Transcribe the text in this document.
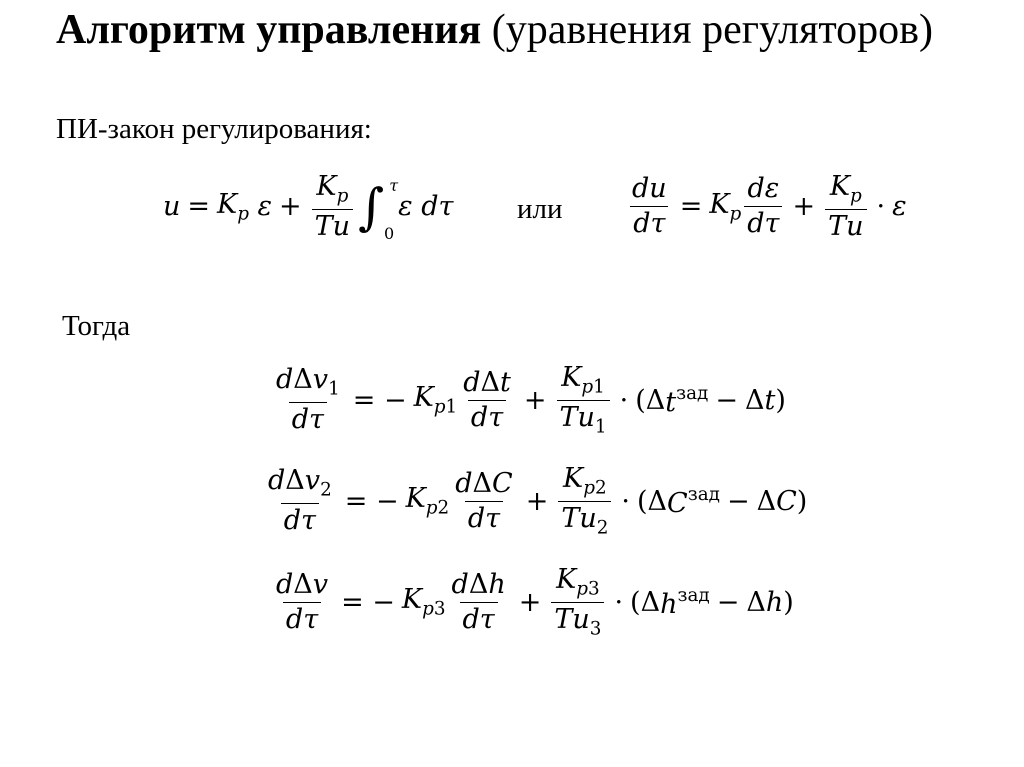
Алгоритм управления (уравнения регуляторов)
ПИ-закон регулирования:
$u = K_p$
$\varepsilon + \frac{K_p}{Tu}$ ∫ τ
0
ε
dτ или $\frac{du}{d\tau} = K_p \frac{d\varepsilon}{d\tau} + \frac{K_p}{Tu} \cdot \varepsilon$
Тогда
$\frac{d\Delta v_1}{d\tau}$ = − $K_{p1} \frac{\text{dΔt}}{d\tau} + \frac{K_{p1}}{Tu_1} \cdot (\Delta$ $t^{зад} - \Delta$ t )
$\frac{d\Delta v_2}{d\tau}$ = − $K_{p2} \frac{\text{dΔC}}{d\tau} + \frac{K_{p2}}{Tu_2} \cdot (\Delta$ $C^{зад} - \Delta$ C )
$\frac{\text{dΔv}}{d\tau}$ = − $K_{p3} \frac{\text{dΔh}}{d\tau} + \frac{K_{p3}}{Tu_3} \cdot (\Delta$ $h^{зад} - \Delta$ h )
